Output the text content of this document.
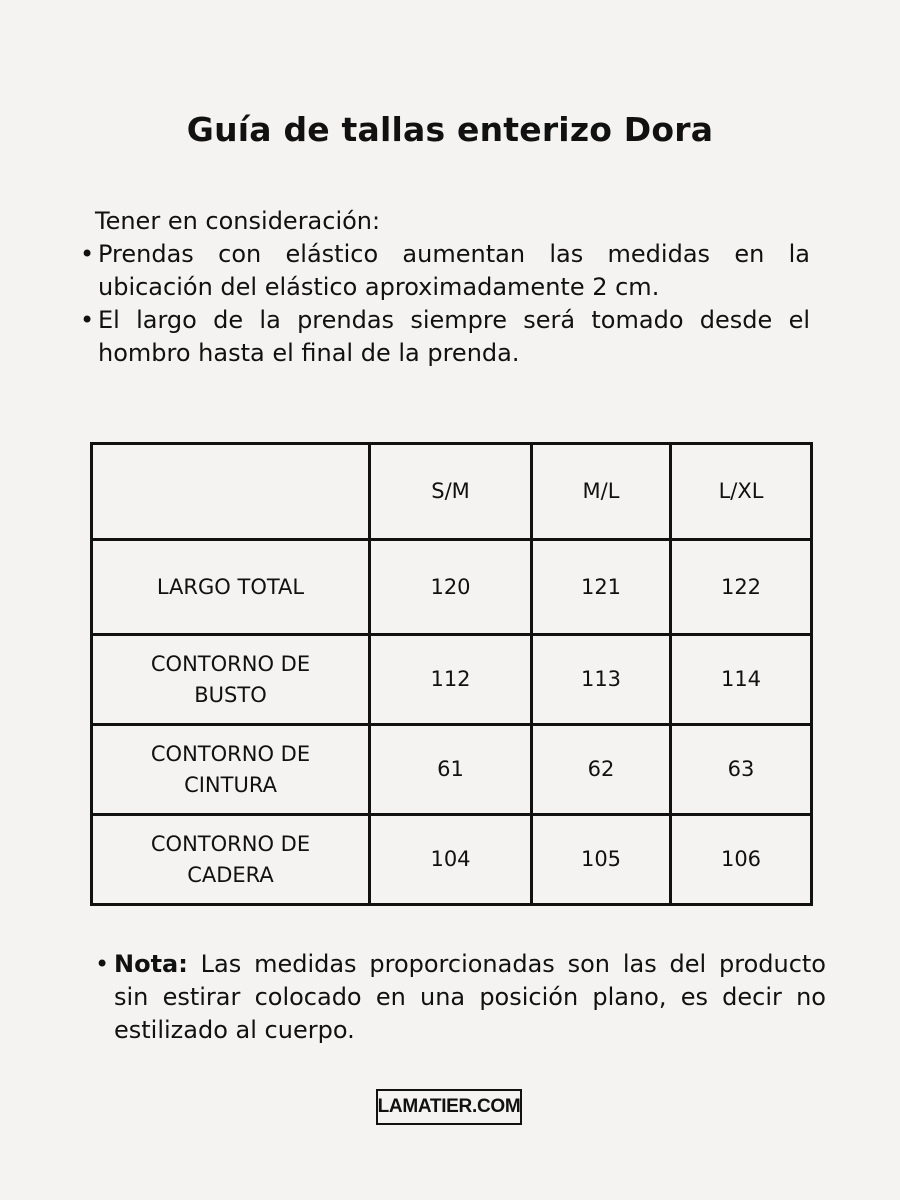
Guía de tallas enterizo Dora
Tener en consideración:
• Prendas con elástico aumentan las medidas en la ubicación del elástico aproximadamente 2 cm.
• El largo de la prendas siempre será tomado desde el hombro hasta el final de la prenda.
	S/M	M/L	L/XL
LARGO TOTAL	120	121	122
CONTORNO DE BUSTO	112	113	114
CONTORNO DE CINTURA	61	62	63
CONTORNO DE CADERA	104	105	106
• Nota: Las medidas proporcionadas son las del producto sin estirar colocado en una posición plano, es decir no estilizado al cuerpo.
LAMATIER.COM
